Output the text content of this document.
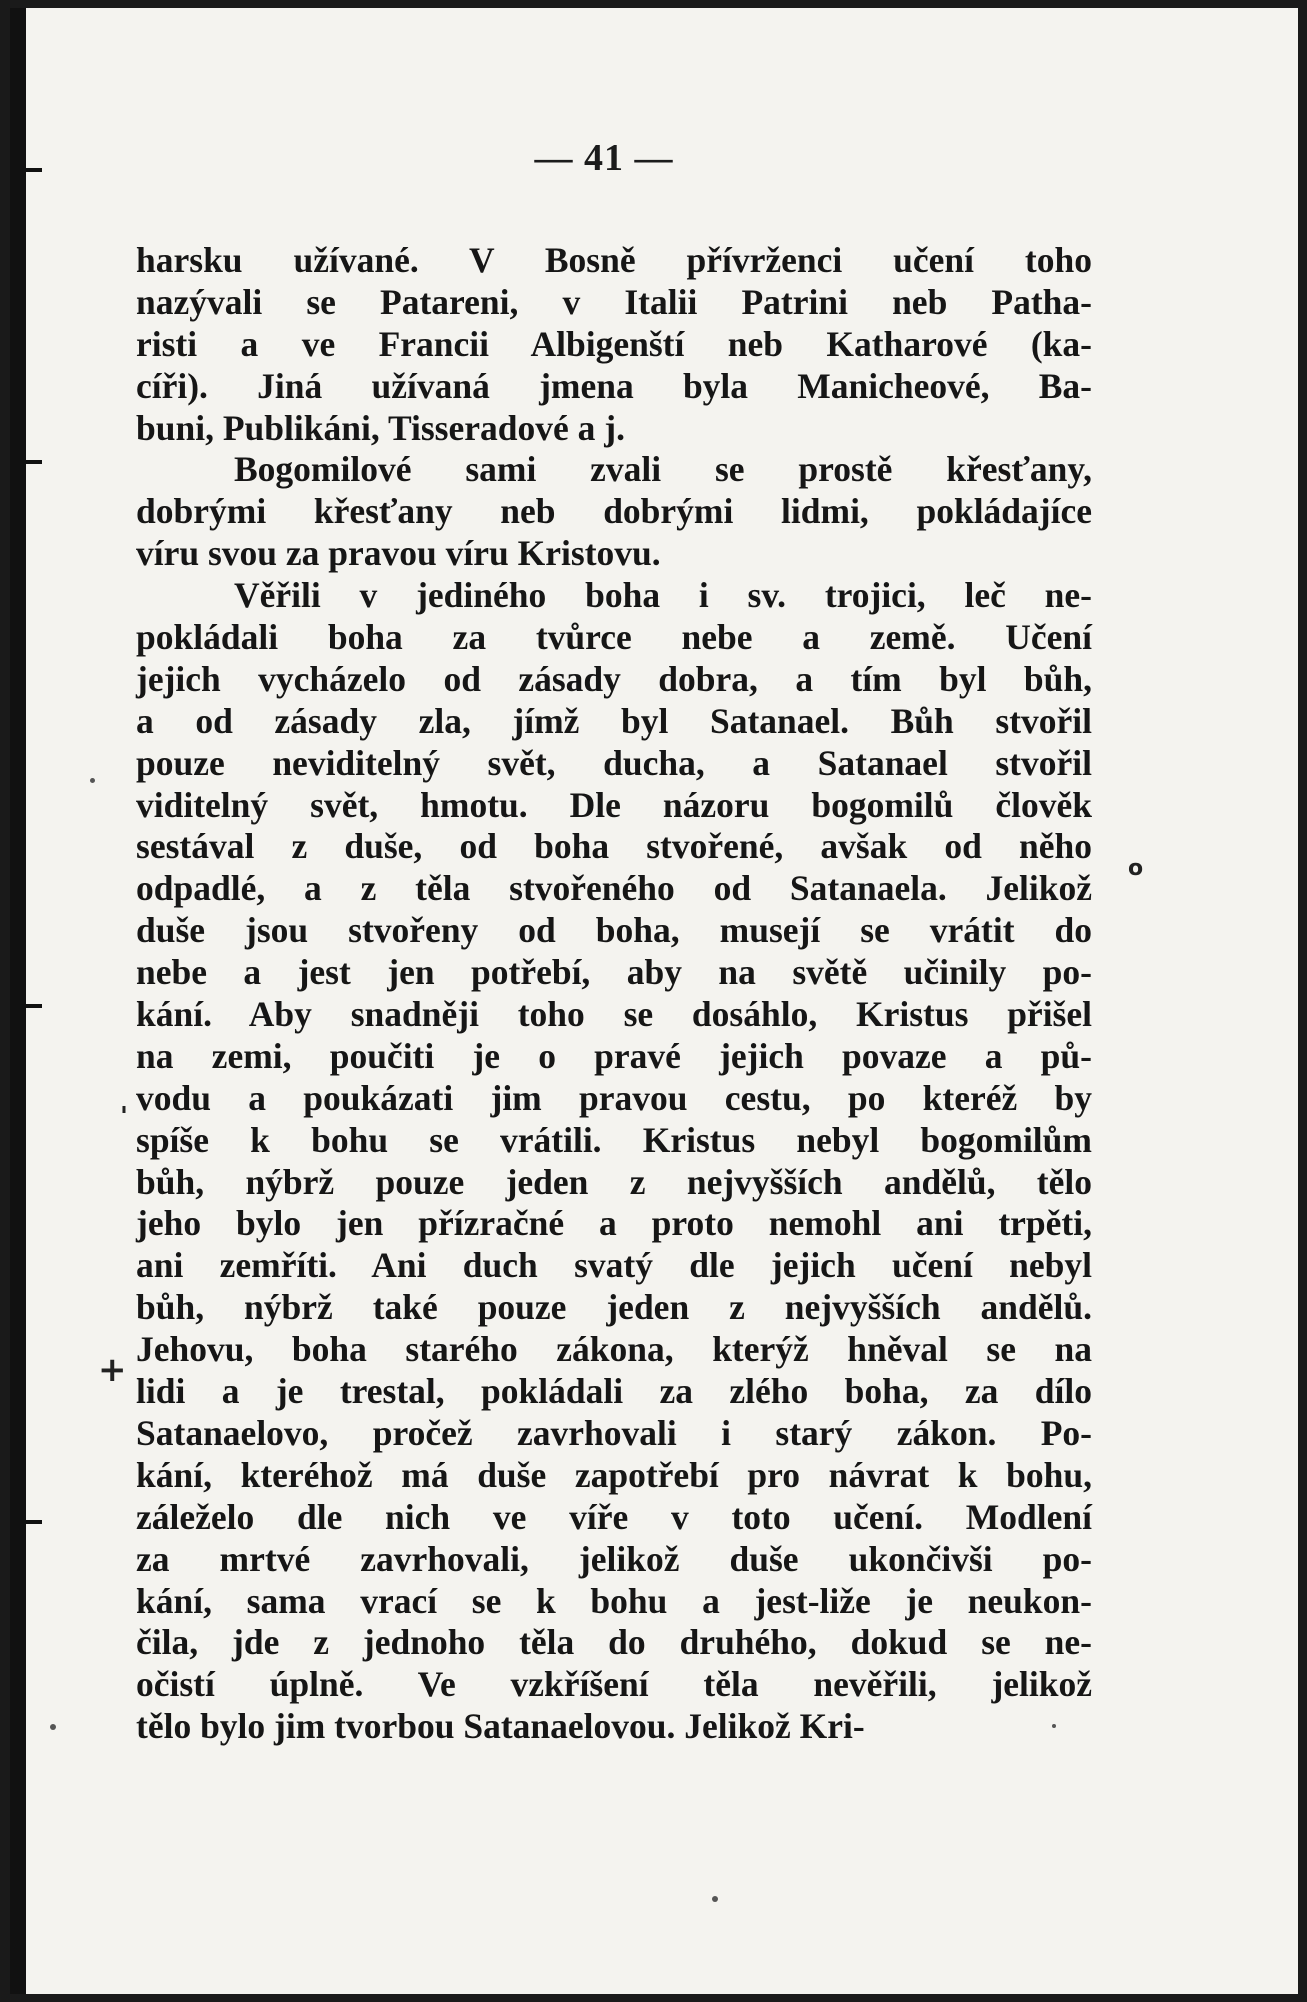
— 41 —
harsku užívané. V Bosně přívrženci učení toho
nazývali se Patareni, v Italii Patrini neb Patha-
risti a ve Francii Albigenští neb Katharové (ka-
cíři). Jiná užívaná jmena byla Manicheové, Ba-
buni, Publikáni, Tisseradové a j.
Bogomilové sami zvali se prostě křesťany,
dobrými křesťany neb dobrými lidmi, pokládajíce
víru svou za pravou víru Kristovu.
Věřili v jediného boha i sv. trojici, leč ne-
pokládali boha za tvůrce nebe a země. Učení
jejich vycházelo od zásady dobra, a tím byl bůh,
a od zásady zla, jímž byl Satanael. Bůh stvořil
pouze neviditelný svět, ducha, a Satanael stvořil
viditelný svět, hmotu. Dle názoru bogomilů člověk
sestával z duše, od boha stvořené, avšak od něho
odpadlé, a z těla stvořeného od Satanaela. Jelikož
duše jsou stvořeny od boha, musejí se vrátit do
nebe a jest jen potřebí, aby na světě učinily po-
kání. Aby snadněji toho se dosáhlo, Kristus přišel
na zemi, poučiti je o pravé jejich povaze a pů-
vodu a poukázati jim pravou cestu, po kteréž by
spíše k bohu se vrátili. Kristus nebyl bogomilům
bůh, nýbrž pouze jeden z nejvyšších andělů, tělo
jeho bylo jen přízračné a proto nemohl ani trpěti,
ani zemříti. Ani duch svatý dle jejich učení nebyl
bůh, nýbrž také pouze jeden z nejvyšších andělů.
Jehovu, boha starého zákona, kterýž hněval se na
lidi a je trestal, pokládali za zlého boha, za dílo
Satanaelovo, pročež zavrhovali i starý zákon. Po-
kání, kteréhož má duše zapotřebí pro návrat k bohu,
záleželo dle nich ve víře v toto učení. Modlení
za mrtvé zavrhovali, jelikož duše ukončivši po-
kání, sama vrací se k bohu a jest-liže je neukon-
čila, jde z jednoho těla do druhého, dokud se ne-
očistí úplně. Ve vzkříšení těla nevěřili, jelikož
tělo bylo jim tvorbou Satanaelovou. Jelikož Kri-
+
o
'
